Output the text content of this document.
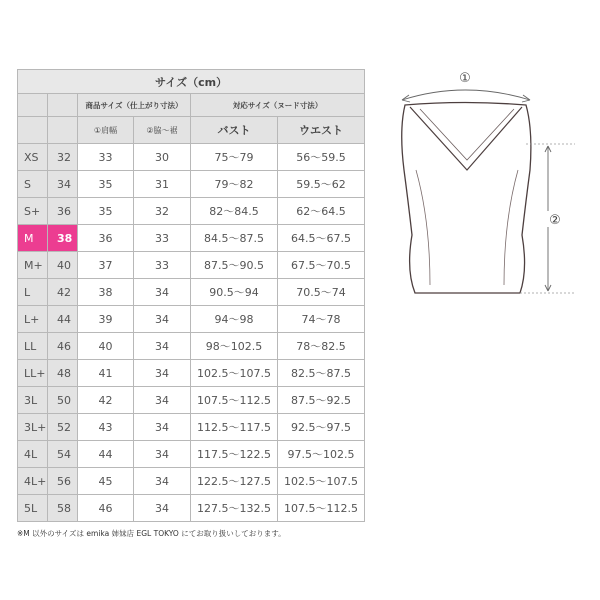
サイズ（cm）					
		商品サイズ（仕上がり寸法）		対応サイズ（ヌード寸法）	
		①肩幅	②脇～裾	バスト	ウエスト
XS	32	33	30	75～79	56～59.5
S	34	35	31	79～82	59.5～62
S+	36	35	32	82～84.5	62～64.5
M	38	36	33	84.5～87.5	64.5～67.5
M+	40	37	33	87.5～90.5	67.5～70.5
L	42	38	34	90.5～94	70.5～74
L+	44	39	34	94～98	74～78
LL	46	40	34	98～102.5	78～82.5
LL+	48	41	34	102.5～107.5	82.5～87.5
3L	50	42	34	107.5～112.5	87.5～92.5
3L+	52	43	34	112.5～117.5	92.5～97.5
4L	54	44	34	117.5～122.5	97.5～102.5
4L+	56	45	34	122.5～127.5	102.5～107.5
5L	58	46	34	127.5～132.5	107.5～112.5
※M 以外のサイズは emika 姉妹店 EGL TOKYO にてお取り扱いしております。
①
②
